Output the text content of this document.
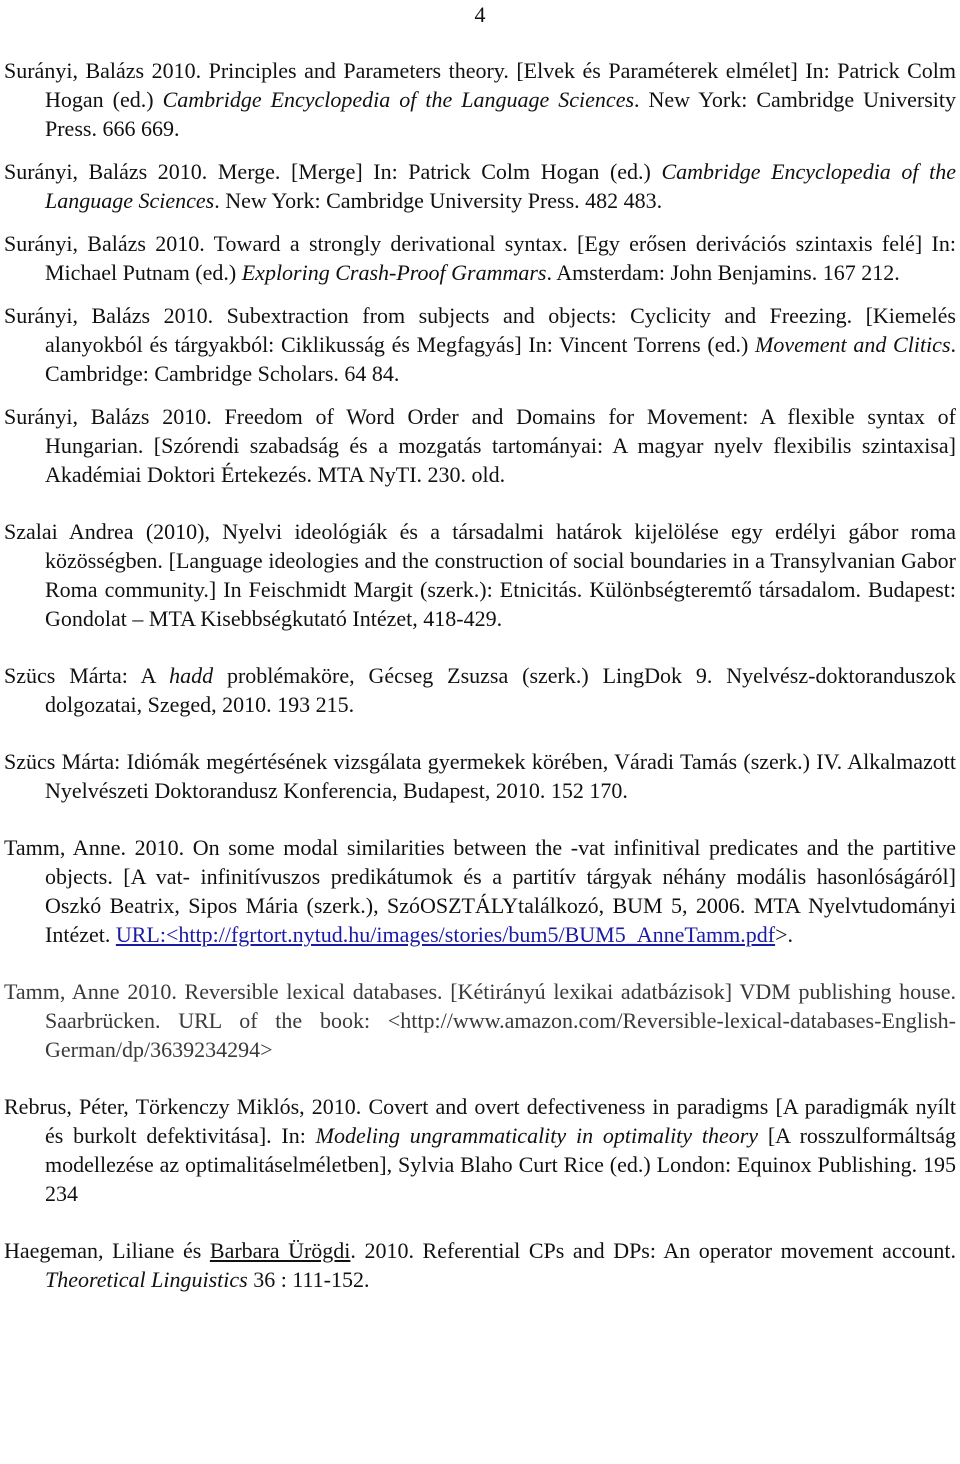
4

Surányi, Balázs 2010. Principles and Parameters theory. [Elvek és Paraméterek elmélet] In: Patrick Colm Hogan (ed.) Cambridge Encyclopedia of the Language Sciences. New York: Cambridge University Press. 666 669.

Surányi, Balázs 2010. Merge. [Merge] In: Patrick Colm Hogan (ed.) Cambridge Encyclopedia of the Language Sciences. New York: Cambridge University Press. 482 483.

Surányi, Balázs 2010. Toward a strongly derivational syntax. [Egy erősen derivációs szintaxis felé] In: Michael Putnam (ed.) Exploring Crash-Proof Grammars. Amsterdam: John Benjamins. 167 212.

Surányi, Balázs 2010. Subextraction from subjects and objects: Cyclicity and Freezing. [Kiemelés alanyokból és tárgyakból: Ciklikusság és Megfagyás] In: Vincent Torrens (ed.) Movement and Clitics. Cambridge: Cambridge Scholars. 64 84.

Surányi, Balázs 2010. Freedom of Word Order and Domains for Movement: A flexible syntax of Hungarian. [Szórendi szabadság és a mozgatás tartományai: A magyar nyelv flexibilis szintaxisa] Akadémiai Doktori Értekezés. MTA NyTI. 230. old.

Szalai Andrea (2010), Nyelvi ideológiák és a társadalmi határok kijelölése egy erdélyi gábor roma közösségben. [Language ideologies and the construction of social boundaries in a Transylvanian Gabor Roma community.] In Feischmidt Margit (szerk.): Etnicitás. Különbségteremtő társadalom. Budapest: Gondolat – MTA Kisebbségkutató Intézet, 418-429.

Szücs Márta: A hadd problémaköre, Gécseg Zsuzsa (szerk.) LingDok 9. Nyelvész-doktoranduszok dolgozatai, Szeged, 2010. 193 215.

Szücs Márta: Idiómák megértésének vizsgálata gyermekek körében, Váradi Tamás (szerk.) IV. Alkalmazott Nyelvészeti Doktorandusz Konferencia, Budapest, 2010. 152 170.

Tamm, Anne. 2010. On some modal similarities between the -vat infinitival predicates and the partitive objects. [A vat- infinitívuszos predikátumok és a partitív tárgyak néhány modális hasonlóságáról] Oszkó Beatrix, Sipos Mária (szerk.), SzóOSZTÁLYtalálkozó, BUM 5, 2006. MTA Nyelvtudományi Intézet. URL:<http://fgrtort.nytud.hu/images/stories/bum5/BUM5_AnneTamm.pdf>.

Tamm, Anne 2010. Reversible lexical databases. [Kétirányú lexikai adatbázisok] VDM publishing house. Saarbrücken. URL of the book: <http://www.amazon.com/Reversible-lexical-databases-English-German/dp/3639234294>

Rebrus, Péter, Törkenczy Miklós, 2010. Covert and overt defectiveness in paradigms [A paradigmák nyílt és burkolt defektivitása]. In: Modeling ungrammaticality in optimality theory [A rosszulformáltság modellezése az optimalitáselméletben], Sylvia Blaho Curt Rice (ed.) London: Equinox Publishing. 195 234

Haegeman, Liliane és Barbara Ürögdi. 2010. Referential CPs and DPs: An operator movement account. Theoretical Linguistics 36 : 111-152.
